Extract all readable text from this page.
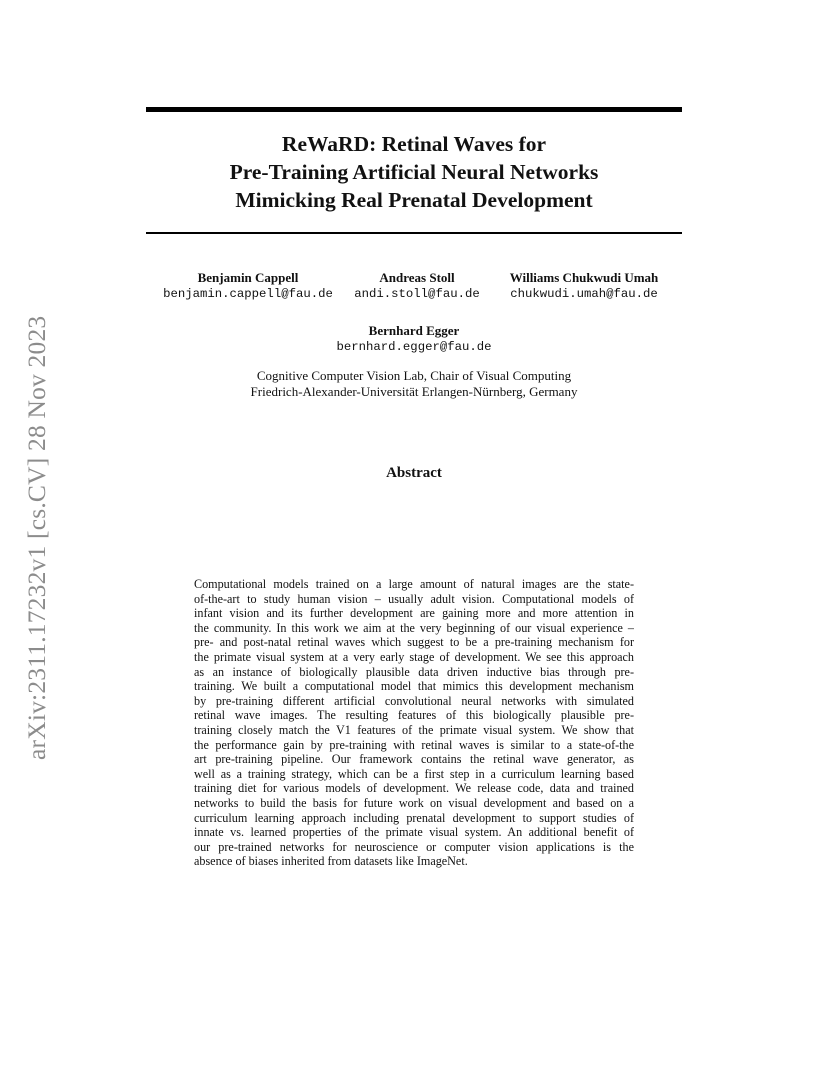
arXiv:2311.17232v1 [cs.CV] 28 Nov 2023
ReWaRD: Retinal Waves for
Pre-Training Artificial Neural Networks
Mimicking Real Prenatal Development
Benjamin Cappell
benjamin.cappell@fau.de
Andreas Stoll
andi.stoll@fau.de
Williams Chukwudi Umah
chukwudi.umah@fau.de
Bernhard Egger
bernhard.egger@fau.de
Cognitive Computer Vision Lab, Chair of Visual Computing
Friedrich-Alexander-Universität Erlangen-Nürnberg, Germany
Abstract
Computational models trained on a large amount of natural images are the state-
of-the-art to study human vision – usually adult vision. Computational models of
infant vision and its further development are gaining more and more attention in
the community. In this work we aim at the very beginning of our visual experience –
pre- and post-natal retinal waves which suggest to be a pre-training mechanism for
the primate visual system at a very early stage of development. We see this approach
as an instance of biologically plausible data driven inductive bias through pre-
training. We built a computational model that mimics this development mechanism
by pre-training different artificial convolutional neural networks with simulated
retinal wave images. The resulting features of this biologically plausible pre-
training closely match the V1 features of the primate visual system. We show that
the performance gain by pre-training with retinal waves is similar to a state-of-the
art pre-training pipeline. Our framework contains the retinal wave generator, as
well as a training strategy, which can be a first step in a curriculum learning based
training diet for various models of development. We release code, data and trained
networks to build the basis for future work on visual development and based on a
curriculum learning approach including prenatal development to support studies of
innate vs. learned properties of the primate visual system. An additional benefit of
our pre-trained networks for neuroscience or computer vision applications is the
absence of biases inherited from datasets like ImageNet.
